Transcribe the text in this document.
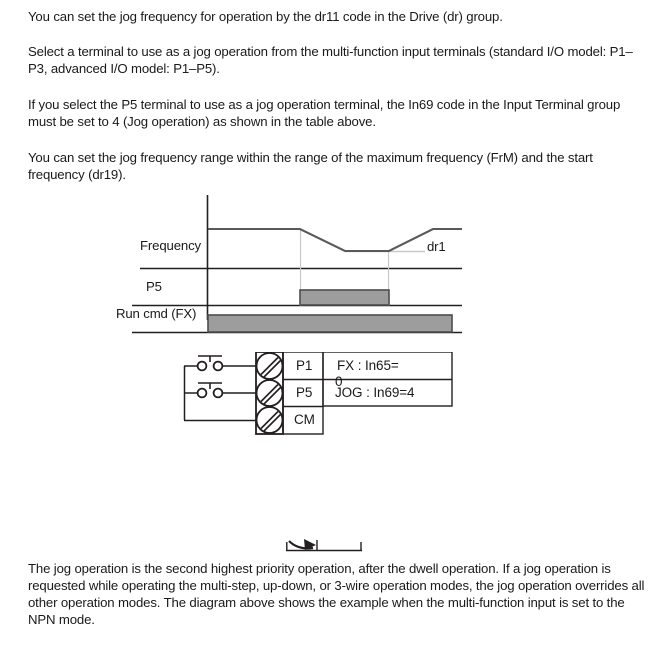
You can set the jog frequency for operation by the dr11 code in the Drive (dr) group.
Select a terminal to use as a jog operation from the multi-function input terminals (standard I/O model: P1–P3, advanced I/O model: P1–P5).
If you select the P5 terminal to use as a jog operation terminal, the In69 code in the Input Terminal group must be set to 4 (Jog operation) as shown in the table above.
You can set the jog frequency range within the range of the maximum frequency (FrM) and the start frequency (dr19).
The jog operation is the second highest priority operation, after the dwell operation. If a jog operation is requested while operating the multi-step, up-down, or 3-wire operation modes, the jog operation overrides all other operation modes. The diagram above shows the example when the multi-function input is set to the NPN mode.
Frequency
P5
Run cmd (FX)
dr1
P1
P5
CM
FX : In65=
0
JOG : In69=4
